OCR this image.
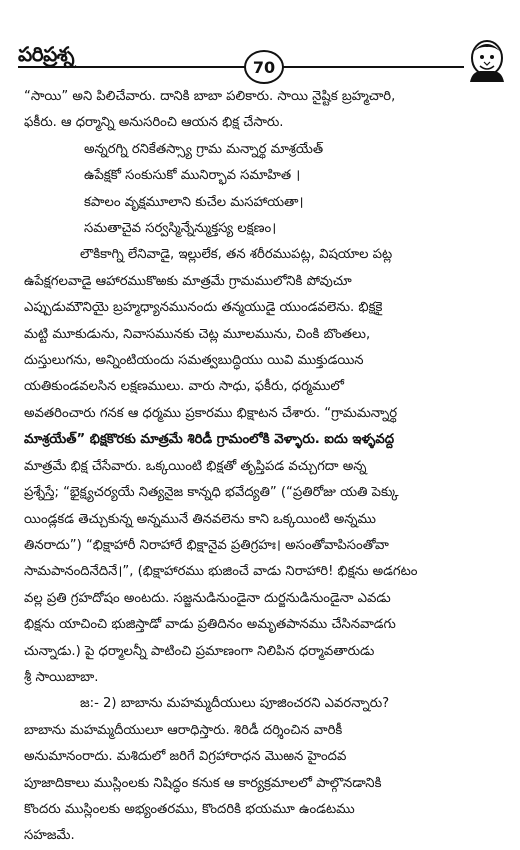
పరిప్రశ్న
70
“సాయి” అని పిలిచేవారు. దానికి బాబా పలికారు. సాయి నైష్టిక బ్రహ్మచారి,
ఫకీరు. ఆ ధర్మాన్ని అనుసరించి ఆయన భిక్ష చేసారు.
అన్నరగ్ని రనికేతస్స్యా గ్రామ మన్నార్థ మాశ్రయేత్
ఉపేక్షకో సంకుసుకో మునిర్భావ సమాహిత ।
కపాలం వృక్షమూలాని కుచేల మసహాయతా।
సమతాచైవ సర్వస్మిన్నేన్ముక్తస్య లక్షణం।
లౌకికాగ్ని లేనివాడై, ఇల్లులేక, తన శరీరముపట్ల, విషయాల పట్ల
ఉపేక్షగలవాడై ఆహారముకొఱకు మాత్రమే గ్రామములోనికి పోవుచూ
ఎప్పుడుమౌనియై బ్రహ్మధ్యానమునందు తన్మయుడై యుండవలెను. భిక్షకై
మట్టి మూకుడును, నివాసమునకు చెట్ల మూలమును, చింకి బొంతలు,
దుస్తులుగను, అన్నింటియందు సమత్వబుద్ధియు యివి ముక్తుడయిన
యతికుండవలసిన లక్షణములు. వారు సాధు, ఫకీరు, ధర్మములో
అవతరించారు గనక ఆ ధర్మము ప్రకారము భిక్షాటన చేశారు. “గ్రామమన్నార్థ
మాశ్రయేత్” భిక్షకొరకు మాత్రమే శిరిడీ గ్రామంలోకి వెళ్ళారు. ఐదు ఇళ్ళవద్ద
మాత్రమే భిక్ష చేసేవారు. ఒక్కయింటి భిక్షతో తృప్తిపడ వచ్చుగదా అన్న
ప్రశ్నేస్తే; “భైక్ష్యచర్యయే నిత్యనైజ కాన్నధి భవేద్యతి” (“ప్రతిరోజు యతి పెక్కు
యిండ్లకడ తెచ్చుకున్న అన్నమునే తినవలెను కాని ఒక్కయింటి అన్నము
తినరాదు”) “భిక్షాహారీ నిరాహారే భిక్షానైవ ప్రతిగ్రహః। అసంతోవాపిసంతోవా
సామపానందినేదినే।”, (భిక్షాహారము భుజించే వాడు నిరాహారి! భిక్షను అడగటం
వల్ల ప్రతి గ్రహదోషం అంటదు. సజ్జనుడినుండైనా దుర్జనుడినుండైనా ఎవడు
భిక్షను యాచించి భుజిస్తాడో వాడు ప్రతిదినం అమృతపానము చేసినవాడగు
చున్నాడు.) పై ధర్మాలన్నీ పాటించి ప్రమాణంగా నిలిపిన ధర్మావతారుడు
శ్రీ సాయిబాబా.
జ:- 2) బాబాను మహమ్మదీయులు పూజించరని ఎవరన్నారు?
బాబాను మహమ్మదీయులూ ఆరాధిస్తారు. శిరిడీ దర్శించిన వారికీ
అనుమానంరాదు. మశిదులో జరిగే విగ్రహారాధన మొఱన హైందవ
పూజాదికాలు ముస్లింలకు నిషిద్ధం కనుక ఆ కార్యక్రమాలలో పాల్గొనడానికి
కొందరు ముస్లింలకు అభ్యంతరము, కొందరికి భయమూ ఉండటము
సహజమే.
